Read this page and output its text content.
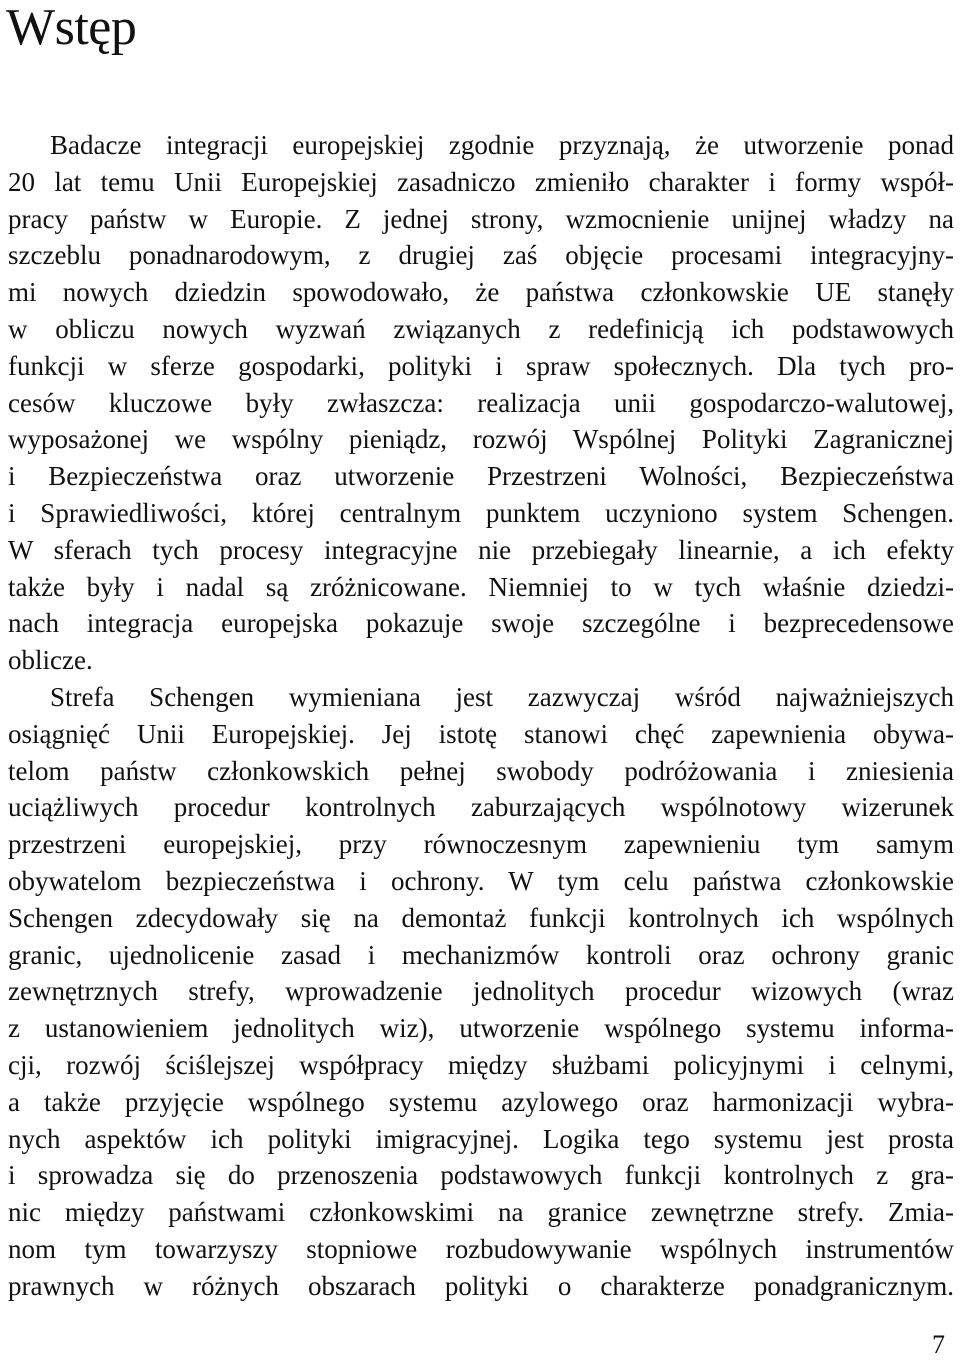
Wstęp
Badacze integracji europejskiej zgodnie przyznają, że utworzenie ponad
20 lat temu Unii Europejskiej zasadniczo zmieniło charakter i formy współ-
pracy państw w Europie. Z jednej strony, wzmocnienie unijnej władzy na
szczeblu ponadnarodowym, z drugiej zaś objęcie procesami integracyjny-
mi nowych dziedzin spowodowało, że państwa członkowskie UE stanęły
w obliczu nowych wyzwań związanych z redefinicją ich podstawowych
funkcji w sferze gospodarki, polityki i spraw społecznych. Dla tych pro-
cesów kluczowe były zwłaszcza: realizacja unii gospodarczo-walutowej,
wyposażonej we wspólny pieniądz, rozwój Wspólnej Polityki Zagranicznej
i Bezpieczeństwa oraz utworzenie Przestrzeni Wolności, Bezpieczeństwa
i Sprawiedliwości, której centralnym punktem uczyniono system Schengen.
W sferach tych procesy integracyjne nie przebiegały linearnie, a ich efekty
także były i nadal są zróżnicowane. Niemniej to w tych właśnie dziedzi-
nach integracja europejska pokazuje swoje szczególne i bezprecedensowe
oblicze.
Strefa Schengen wymieniana jest zazwyczaj wśród najważniejszych
osiągnięć Unii Europejskiej. Jej istotę stanowi chęć zapewnienia obywa-
telom państw członkowskich pełnej swobody podróżowania i zniesienia
uciążliwych procedur kontrolnych zaburzających wspólnotowy wizerunek
przestrzeni europejskiej, przy równoczesnym zapewnieniu tym samym
obywatelom bezpieczeństwa i ochrony. W tym celu państwa członkowskie
Schengen zdecydowały się na demontaż funkcji kontrolnych ich wspólnych
granic, ujednolicenie zasad i mechanizmów kontroli oraz ochrony granic
zewnętrznych strefy, wprowadzenie jednolitych procedur wizowych (wraz
z ustanowieniem jednolitych wiz), utworzenie wspólnego systemu informa-
cji, rozwój ściślejszej współpracy między służbami policyjnymi i celnymi,
a także przyjęcie wspólnego systemu azylowego oraz harmonizacji wybra-
nych aspektów ich polityki imigracyjnej. Logika tego systemu jest prosta
i sprowadza się do przenoszenia podstawowych funkcji kontrolnych z gra-
nic między państwami członkowskimi na granice zewnętrzne strefy. Zmia-
nom tym towarzyszy stopniowe rozbudowywanie wspólnych instrumentów
prawnych w różnych obszarach polityki o charakterze ponadgranicznym.
7
